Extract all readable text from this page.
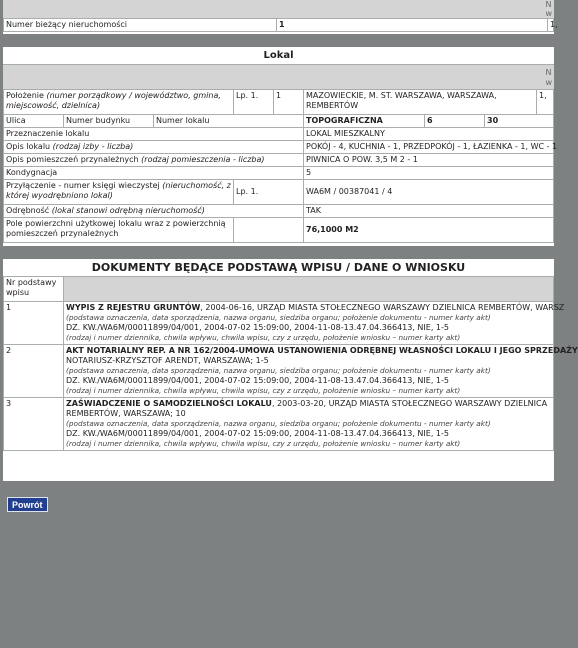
N
w
Numer bieżący nieruchomości	1	1,
Lokal
N
w
Położenie (numer porządkowy / województwo, gmina, miejscowość, dzielnica)			Lp. 1.	1	MAZOWIECKIE, M. ST. WARSZAWA, WARSZAWA, REMBERTÓW			1,
Ulica	Numer budynku	Numer lokalu			TOPOGRAFICZNA	6	30	
Przeznaczenie lokalu					LOKAL MIESZKALNY			
Opis lokalu (rodzaj izby - liczba)					POKÓJ - 4, KUCHNIA - 1, PRZEDPOKÓJ - 1, ŁAZIENKA - 1, WC - 1			
Opis pomieszczeń przynależnych (rodzaj pomieszczenia - liczba)					PIWNICA O POW. 3,5 M 2 - 1			
Kondygnacja					5			
Przyłączenie - numer księgi wieczystej (nieruchomość, z której wyodrębniono lokal)			Lp. 1.		WA6M / 00387041 / 4			
Odrębność (lokal stanowi odrębną nieruchomość)					TAK			
Pole powierzchni użytkowej lokalu wraz z powierzchnią pomieszczeń przynależnych					76,1000 M2			
DOKUMENTY BĘDĄCE PODSTAWĄ WPISU / DANE O WNIOSKU
Nr podstawy wpisu	
1	WYPIS Z REJESTRU GRUNTÓW, 2004-06-16, URZĄD MIASTA STOŁECZNEGO WARSZAWY DZIELNICA REMBERTÓW, WARSZ
(podstawa oznaczenia, data sporządzenia, nazwa organu, siedziba organu; położenie dokumentu - numer karty akt)
DZ. KW./WA6M/00011899/04/001, 2004-07-02 15:09:00, 2004-11-08-13.47.04.366413, NIE, 1-5
(rodzaj i numer dziennika, chwila wpływu, chwila wpisu, czy z urzędu, położenie wniosku – numer karty akt)
2	AKT NOTARIALNY REP. A NR 162/2004-UMOWA USTANOWIENIA ODRĘBNEJ WŁASNOŚCI LOKALU I JEGO SPRZEDAŻY
NOTARIUSZ-KRZYSZTOF ARENDT, WARSZAWA; 1-5
(podstawa oznaczenia, data sporządzenia, nazwa organu, siedziba organu; położenie dokumentu - numer karty akt)
DZ. KW./WA6M/00011899/04/001, 2004-07-02 15:09:00, 2004-11-08-13.47.04.366413, NIE, 1-5
(rodzaj i numer dziennika, chwila wpływu, chwila wpisu, czy z urzędu, położenie wniosku – numer karty akt)
3	ZAŚWIADCZENIE O SAMODZIELNOŚCI LOKALU, 2003-03-20, URZĄD MIASTA STOŁECZNEGO WARSZAWY DZIELNICA REMBERTÓW, WARSZAWA; 10
(podstawa oznaczenia, data sporządzenia, nazwa organu, siedziba organu; położenie dokumentu - numer karty akt)
DZ. KW./WA6M/00011899/04/001, 2004-07-02 15:09:00, 2004-11-08-13.47.04.366413, NIE, 1-5
(rodzaj i numer dziennika, chwila wpływu, chwila wpisu, czy z urzędu, położenie wniosku – numer karty akt)
Powrót
